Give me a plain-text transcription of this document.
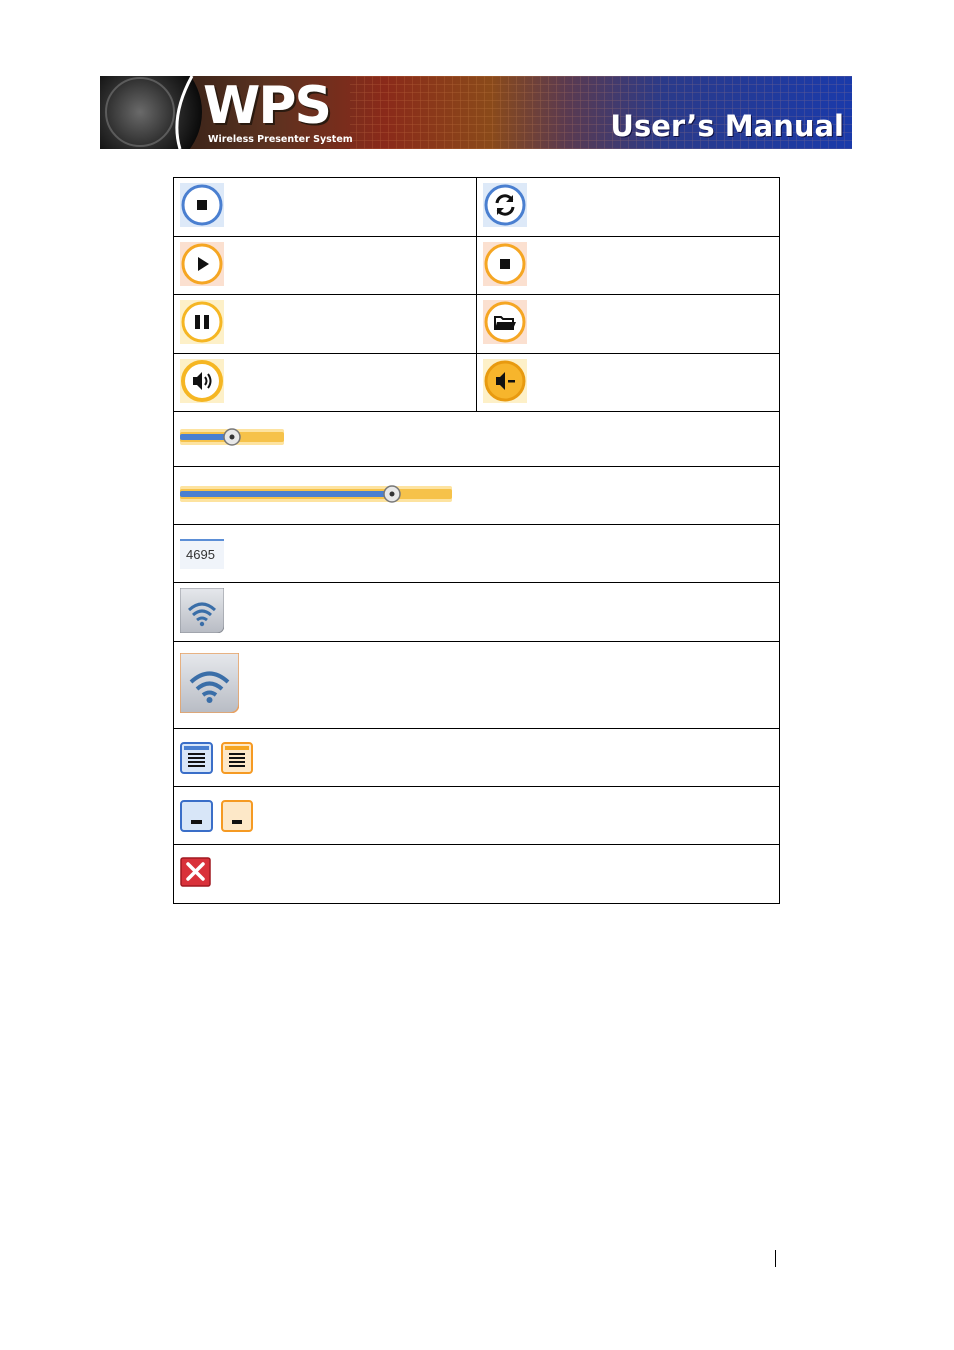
WPS
Wireless Presenter System	User’s Manual

4695	
